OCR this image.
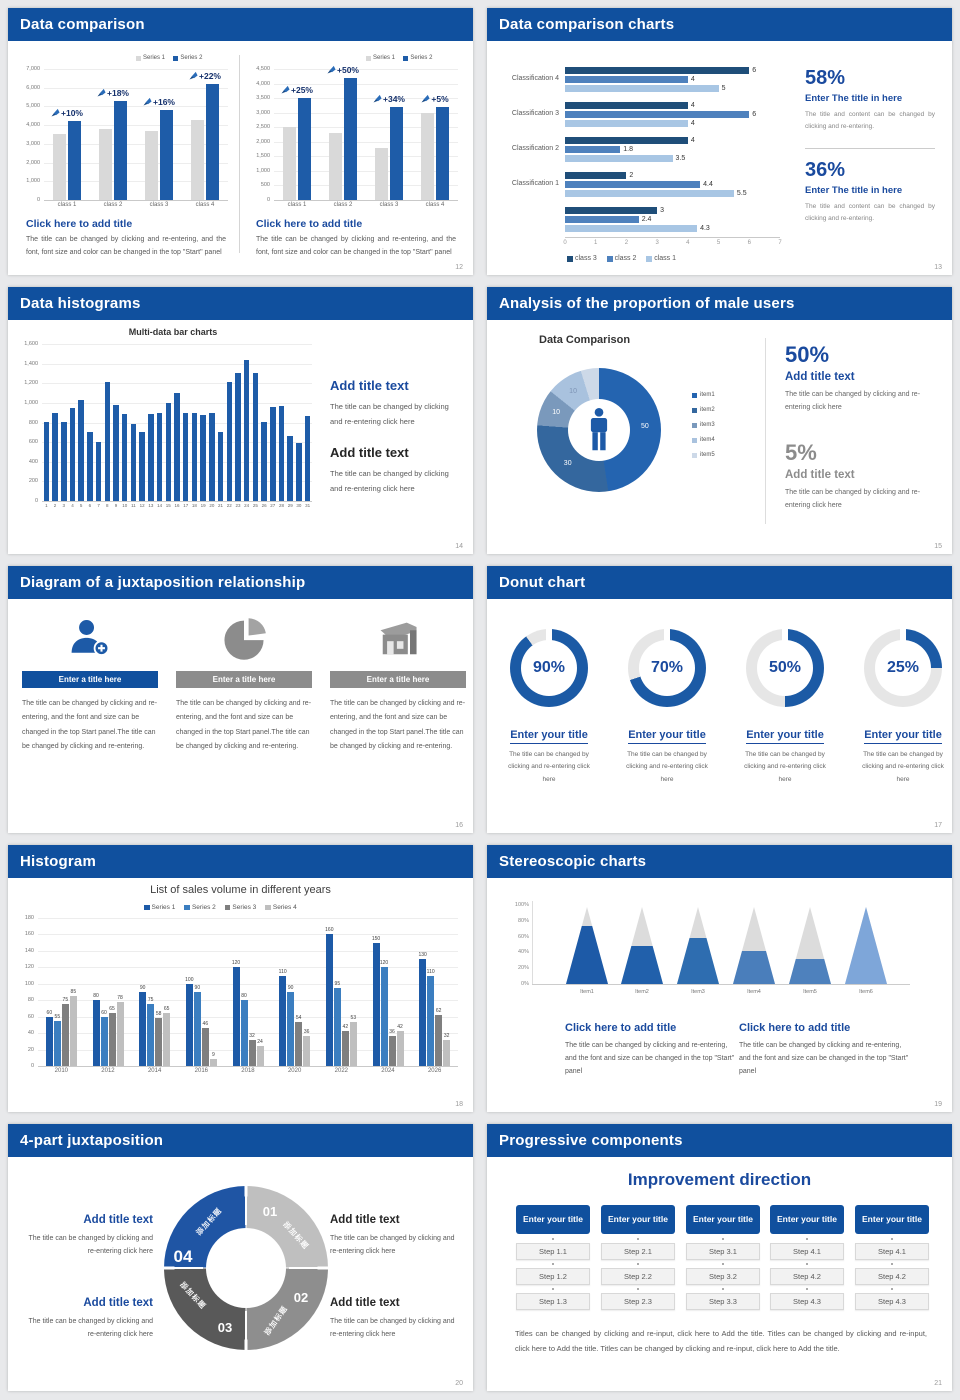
Data comparison
Series 1	Series 2
7,000
6,000
5,000
4,000
3,000
2,000
1,000
0
+10%
class 1
+18%
class 2
+16%
class 3
+22%
class 4
Click here to add title
The title can be changed by clicking and re-entering, and the font, font size and color can be changed in the top "Start" panel
Series 1	Series 2
4,500
4,000
3,500
3,000
2,500
2,000
1,500
1,000
500
0
+25%
class 1
+50%
class 2
+34%
class 3
+5%
class 4
Click here to add title
The title can be changed by clicking and re-entering, and the font, font size and color can be changed in the top "Start" panel
12
Data comparison charts
Classification 4
6
4
5
Classification 3
4
6
4
Classification 2
4
1.8
3.5
Classification 1
2
4.4
5.5
3
2.4
4.3
0	1	2	3	4	5	6	7
class 3	class 2	class 1
58%
Enter The title in here
The title and content can be changed by clicking and re-entering.
36%
Enter The title in here
The title and content can be changed by clicking and re-entering.
13
Data histograms
Multi-data bar charts
1,600
1,400
1,200
1,000
800
600
400
200
0
1	2	3	4	5	6	7	8	9	10 11 12 13 14 15 16 17 18 19 20 21 22 23 24 25 26 27 28 29 30 31
Add title text
The title can be changed by clicking and re-entering click here
Add title text
The title can be changed by clicking and re-entering click here
14
Analysis of the proportion of male users
Data Comparison
50
30
10
10
item1
item2
item3
item4
item5
50%
Add title text
The title can be changed by clicking and re-entering click here
5%
Add title text
The title can be changed by clicking and re-entering click here
15
Diagram of a juxtaposition relationship
Enter a title here
The title can be changed by clicking and re-entering, and the font and size can be changed in the top Start panel.The title can be changed by clicking and re-entering.
Enter a title here
The title can be changed by clicking and re-entering, and the font and size can be changed in the top Start panel.The title can be changed by clicking and re-entering.
Enter a title here
The title can be changed by clicking and re-entering, and the font and size can be changed in the top Start panel.The title can be changed by clicking and re-entering.
16
Donut chart
90%
Enter your title
The title can be changed by clicking and re-entering click here
70%
Enter your title
The title can be changed by clicking and re-entering click here
50%
Enter your title
The title can be changed by clicking and re-entering click here
25%
Enter your title
The title can be changed by clicking and re-entering click here
17
Histogram
List of sales volume in different years
Series 1	Series 2	Series 3	Series 4
180
160
140
120
100
80
60
40
20
0
60
55
75
85
2010
80
60
65
78
2012
90
75
58
65
2014
100
90
46
9
2016
120
80
32
24
2018
110
90
54
36
2020
160
95
42
53
2022
150
120
36
42
2024
130
110
62
32
2026
18
Stereoscopic charts
100%
80%
60%
40%
20%
0%
Item1	Item2	Item3	Item4	Item5	Item6
Click here to add title
The title can be changed by clicking and re-entering, and the font and size can be changed in the top "Start" panel
Click here to add title
The title can be changed by clicking and re-entering, and the font and size can be changed in the top "Start" panel
19
4-part juxtaposition
01
02
03
04
添加标题
添加标题
添加标题
添加标题
Add title text
The title can be changed by clicking and re-entering click here
Add title text
The title can be changed by clicking and re-entering click here
Add title text
The title can be changed by clicking and re-entering click here
Add title text
The title can be changed by clicking and re-entering click here
20
Progressive components
Improvement direction
Enter your title
Step 1.1
Step 1.2
Step 1.3
Enter your title
Step 2.1
Step 2.2
Step 2.3
Enter your title
Step 3.1
Step 3.2
Step 3.3
Enter your title
Step 4.1
Step 4.2
Step 4.3
Enter your title
Step 4.1
Step 4.2
Step 4.3
Titles can be changed by clicking and re-input, click here to Add the title. Titles can be changed by clicking and re-input, click here to Add the title. Titles can be changed by clicking and re-input, click here to Add the title.
21
